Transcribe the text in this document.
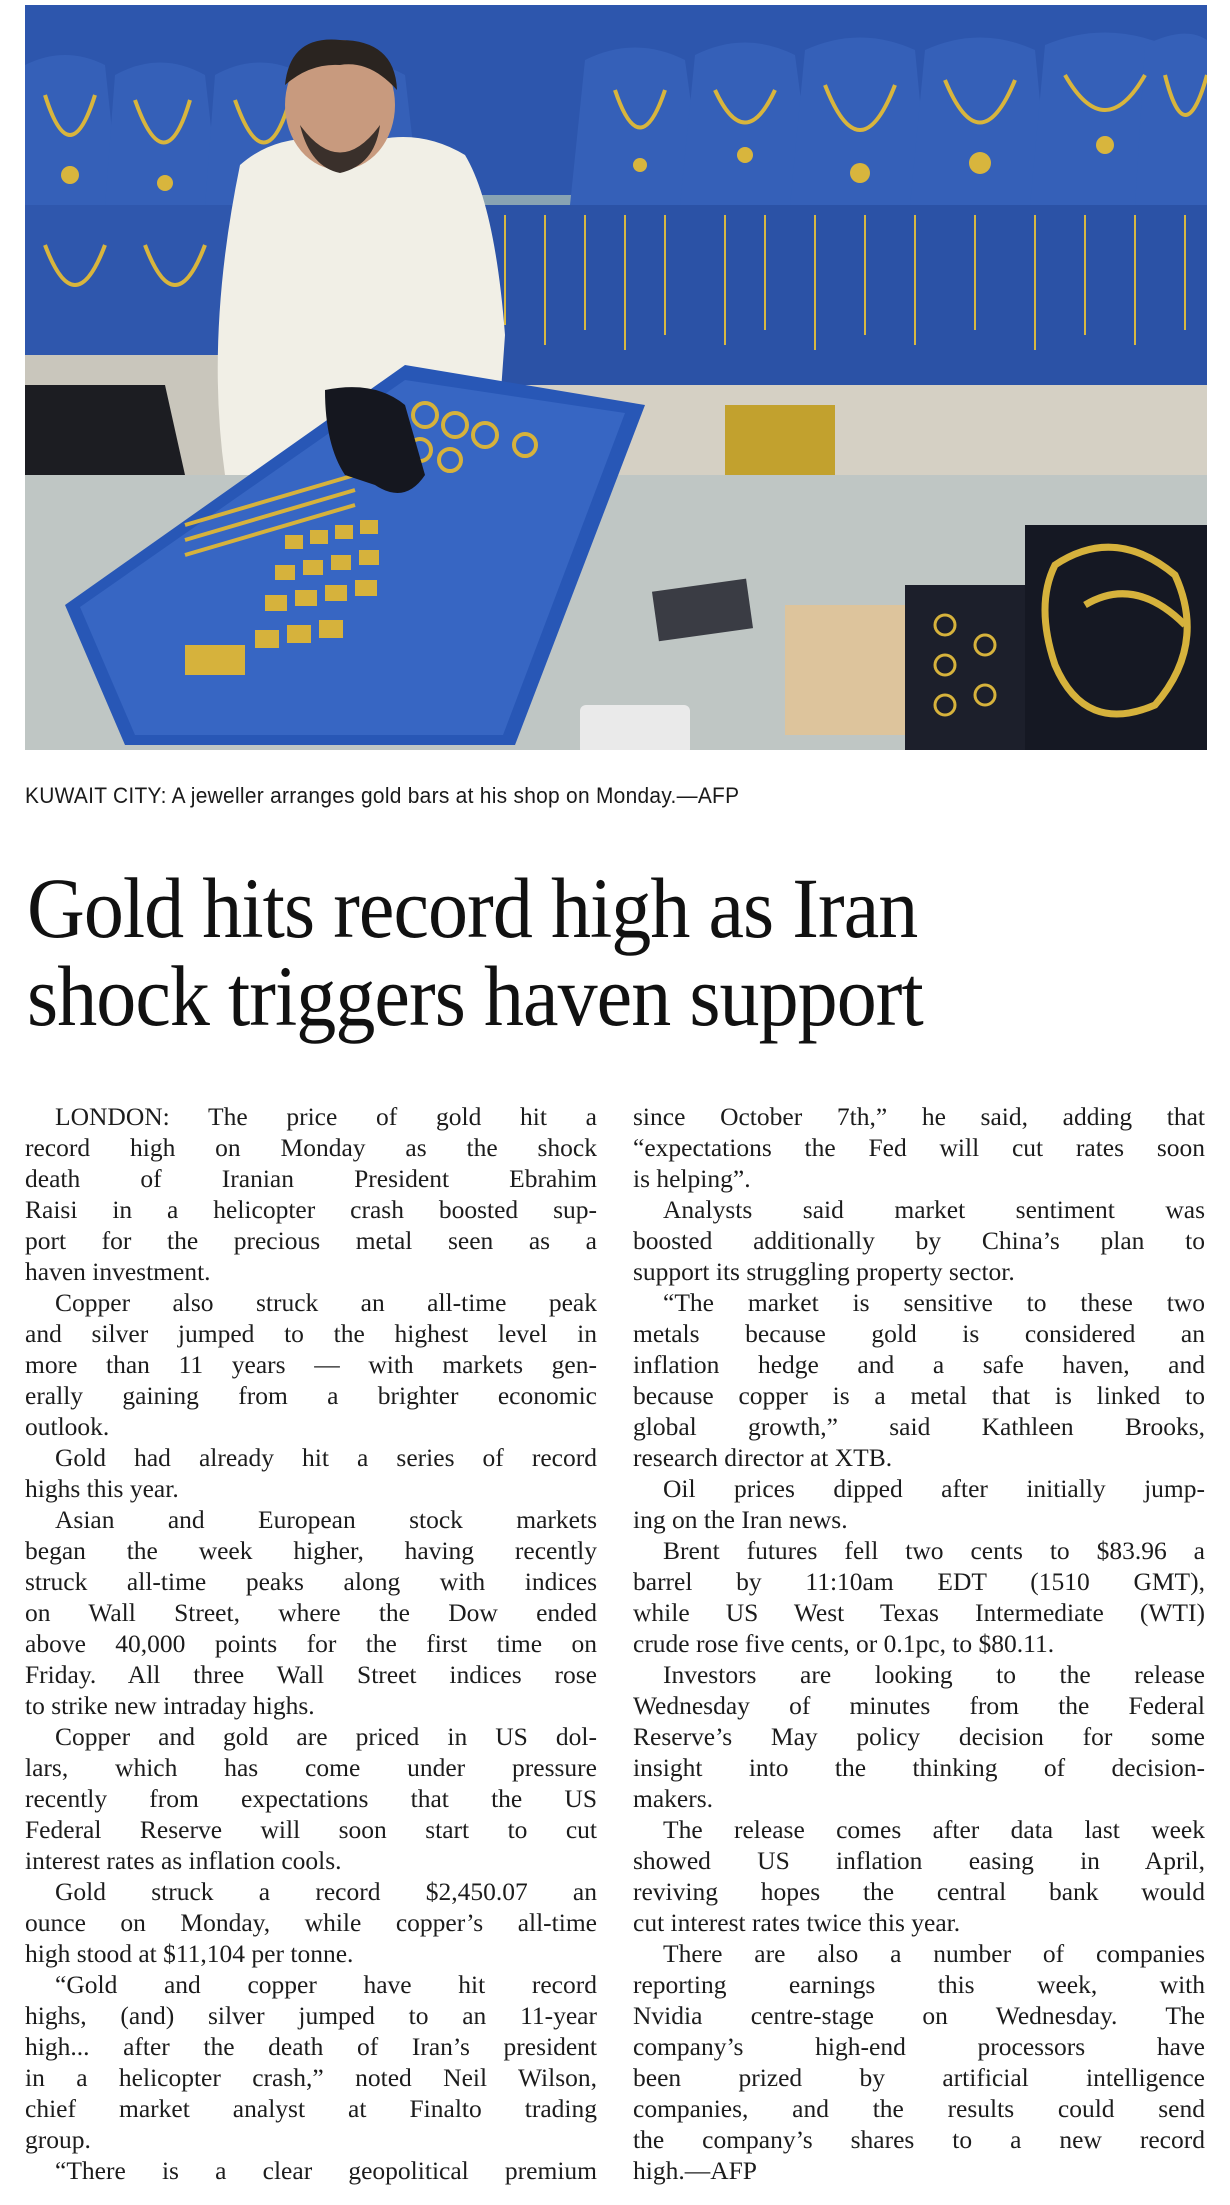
KUWAIT CITY: A jeweller arranges gold bars at his shop on Monday.—AFP
Gold hits record high as Iran
shock triggers haven support
LONDON: The price of gold hit a
record high on Monday as the shock
death of Iranian President Ebrahim
Raisi in a helicopter crash boosted sup-
port for the precious metal seen as a
haven investment.
Copper also struck an all-time peak
and silver jumped to the highest level in
more than 11 years — with markets gen-
erally gaining from a brighter economic
outlook.
Gold had already hit a series of record
highs this year.
Asian and European stock markets
began the week higher, having recently
struck all-time peaks along with indices
on Wall Street, where the Dow ended
above 40,000 points for the first time on
Friday. All three Wall Street indices rose
to strike new intraday highs.
Copper and gold are priced in US dol-
lars, which has come under pressure
recently from expectations that the US
Federal Reserve will soon start to cut
interest rates as inflation cools.
Gold struck a record $2,450.07 an
ounce on Monday, while copper’s all-time
high stood at $11,104 per tonne.
“Gold and copper have hit record
highs, (and) silver jumped to an 11-year
high... after the death of Iran’s president
in a helicopter crash,” noted Neil Wilson,
chief market analyst at Finalto trading
group.
“There is a clear geopolitical premium
since October 7th,” he said, adding that
“expectations the Fed will cut rates soon
is helping”.
Analysts said market sentiment was
boosted additionally by China’s plan to
support its struggling property sector.
“The market is sensitive to these two
metals because gold is considered an
inflation hedge and a safe haven, and
because copper is a metal that is linked to
global growth,” said Kathleen Brooks,
research director at XTB.
Oil prices dipped after initially jump-
ing on the Iran news.
Brent futures fell two cents to $83.96 a
barrel by 11:10am EDT (1510 GMT),
while US West Texas Intermediate (WTI)
crude rose five cents, or 0.1pc, to $80.11.
Investors are looking to the release
Wednesday of minutes from the Federal
Reserve’s May policy decision for some
insight into the thinking of decision-
makers.
The release comes after data last week
showed US inflation easing in April,
reviving hopes the central bank would
cut interest rates twice this year.
There are also a number of companies
reporting earnings this week, with
Nvidia centre-stage on Wednesday. The
company’s high-end processors have
been prized by artificial intelligence
companies, and the results could send
the company’s shares to a new record
high.—AFP
